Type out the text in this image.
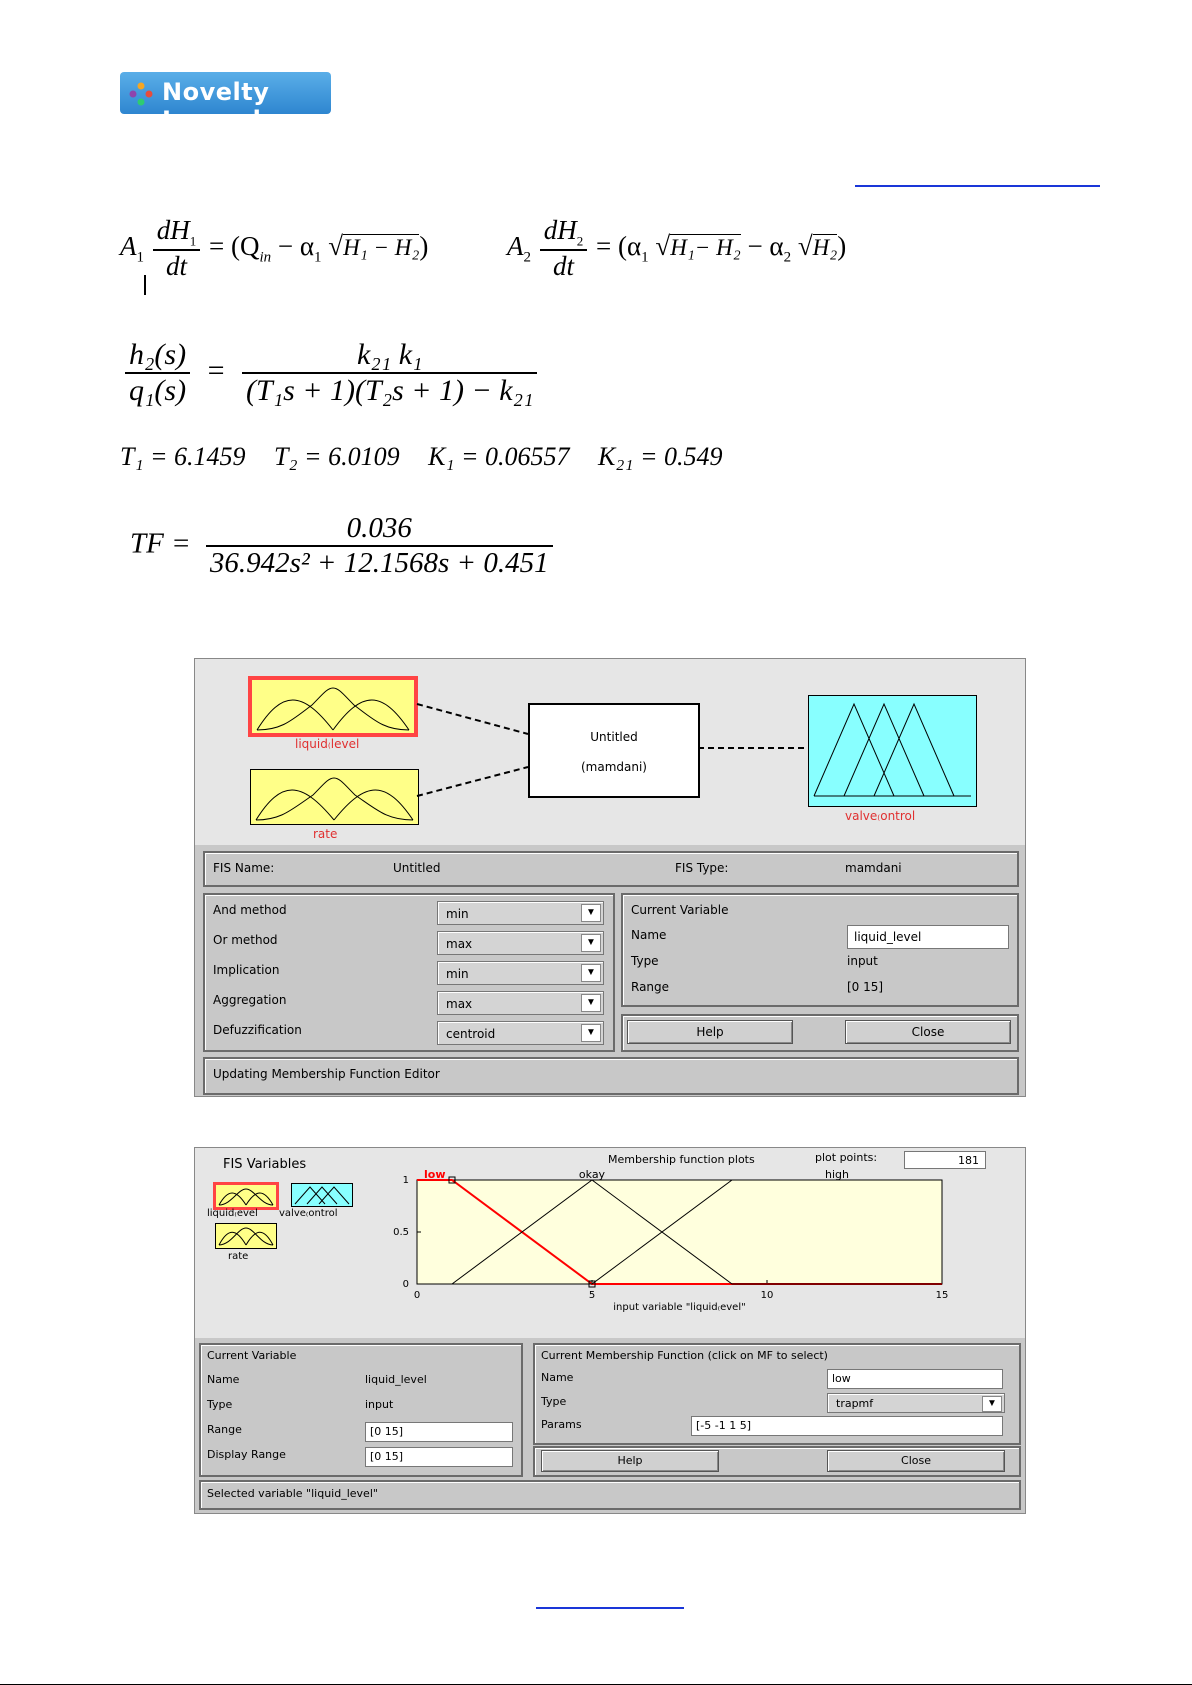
Novelty Journals
$A_1 \frac{dH_1}{dt} = (Q_{in} - \alpha_1$ √H₁ − H₂)	$A_2 \frac{dH_2}{dt} = (\alpha_1$ $√H_1- H_2 - \alpha_2$ √H₂)
$\frac{\text{h₂(s)}}{\text{q₁(s)}} = \frac{\text{k₂₁ k₁}}{\text{(T₁s + 1)(T₂s + 1) − k₂₁}}$
T₁ = 6.1459 T₂ = 6.0109 K₁ = 0.06557 K₂₁ = 0.549
TF = $\frac{0.036}{\text{36.942s² + 12.1568s + 0.451}}$
liquid₍level
rate
Untitled
(mamdani)
valve₍ontrol
FIS Name:	Untitled	FIS Type:	mamdani
And method	min	▼
Or method	max	▼
Implication	min	▼
Aggregation	max	▼
Defuzzification	centroid	▼
Current Variable
Name	liquid_level
Type	input
Range	[0 15]
Help	Close
Updating Membership Function Editor
FIS Variables
liquid₍evel valve₍ontrol
rate
Membership function plots	plot points:	181
0	5	10	15
0
0.5
1 low	okay	high
input variable "liquid₍evel"
Current Variable
Name	liquid_level
Type	input
Range	[0 15]
Display Range	[0 15]
Current Membership Function (click on MF to select)
Name	low
Type	trapmf	▼
Params	[-5 -1 1 5]
Help	Close
Selected variable "liquid_level"
